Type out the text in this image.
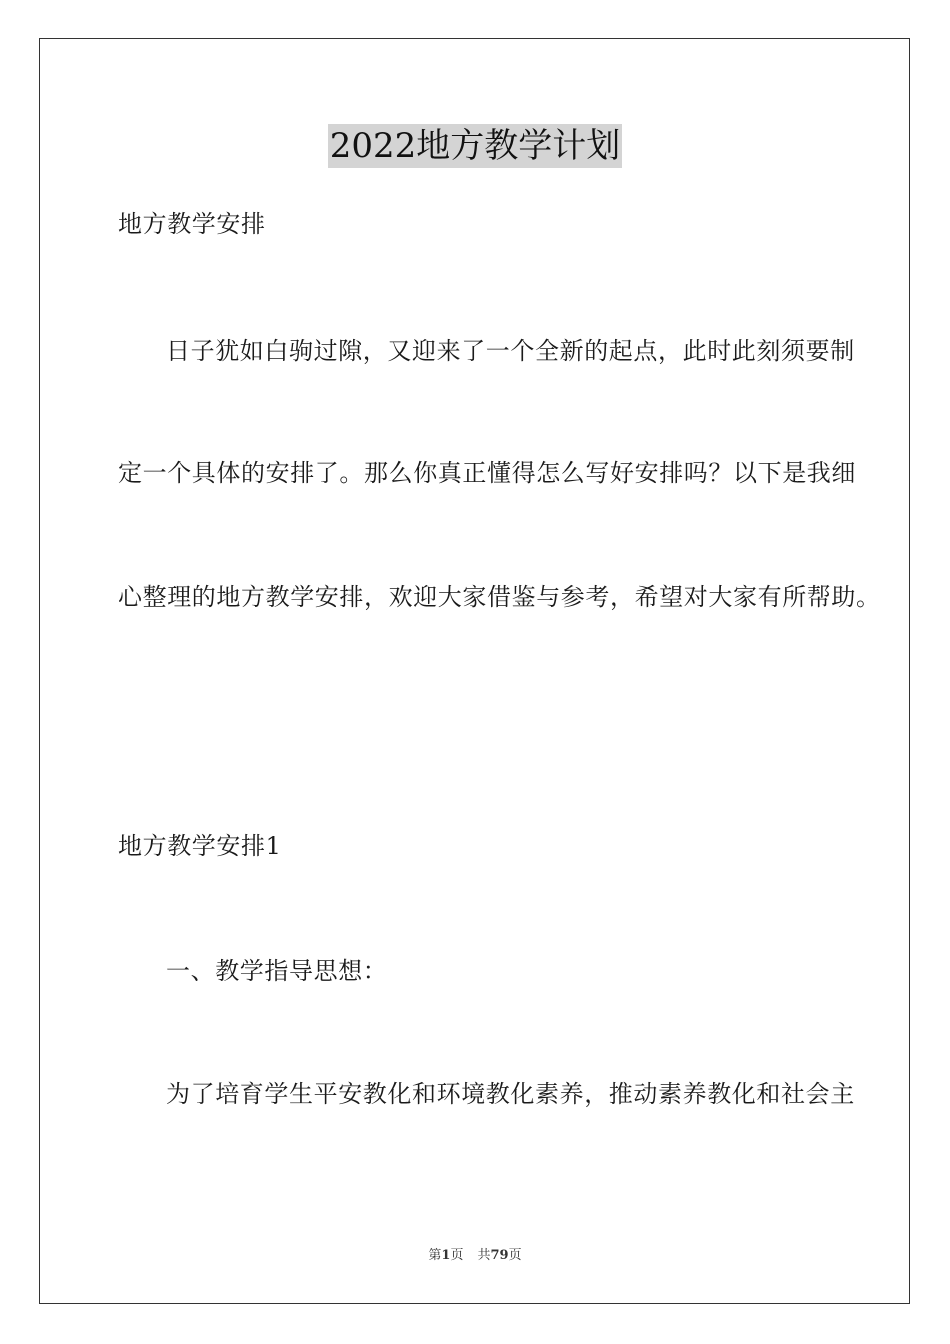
2022地方教学计划

地方教学安排

日子犹如白驹过隙，又迎来了一个全新的起点，此时此刻须要制

定一个具体的安排了。那么你真正懂得怎么写好安排吗？以下是我细

心整理的地方教学安排，欢迎大家借鉴与参考，希望对大家有所帮助。

地方教学安排1

一、教学指导思想：

为了培育学生平安教化和环境教化素养，推动素养教化和社会主

第1页 共79页
